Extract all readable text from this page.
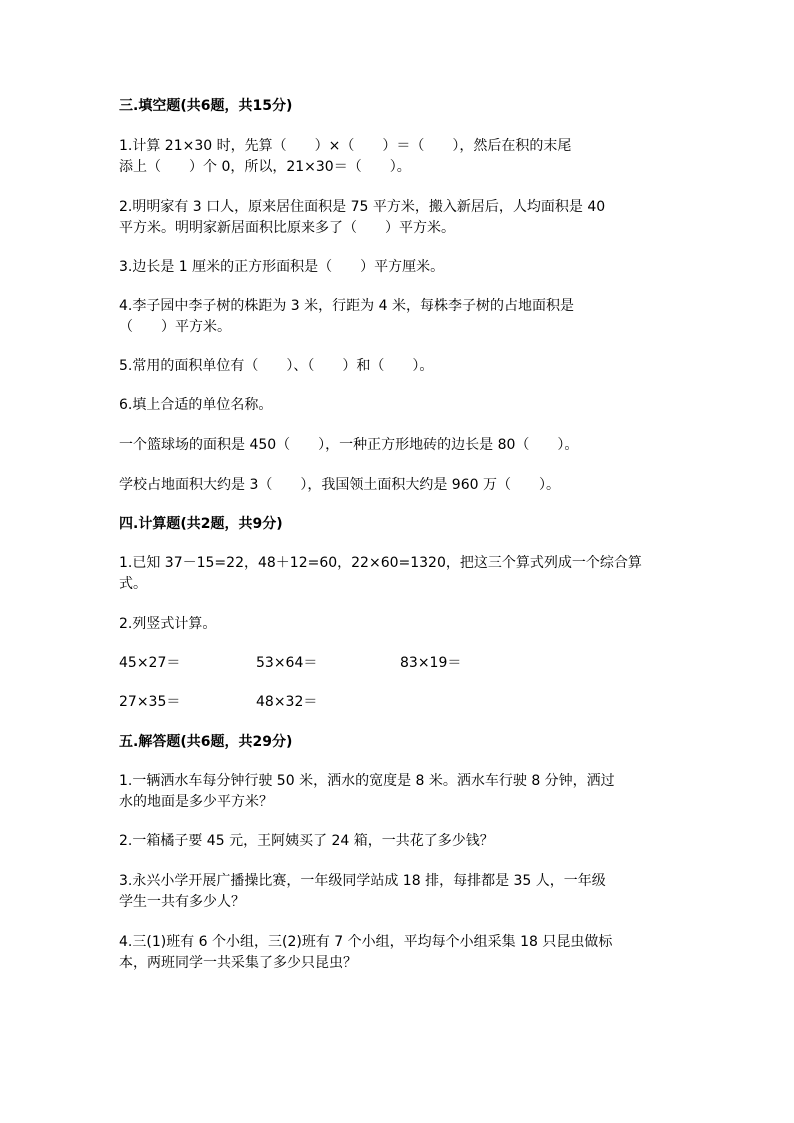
三.填空题(共6题，共15分)
1.计算 21×30 时，先算（　　）×（　　）＝（　　），然后在积的末尾
添上（　　）个 0，所以，21×30＝（　　）。
2.明明家有 3 口人，原来居住面积是 75 平方米，搬入新居后，人均面积是 40
平方米。明明家新居面积比原来多了（　　）平方米。
3.边长是 1 厘米的正方形面积是（　　）平方厘米。
4.李子园中李子树的株距为 3 米，行距为 4 米，每株李子树的占地面积是
（　　）平方米。
5.常用的面积单位有（　　）、（　　）和（　　）。
6.填上合适的单位名称。
一个篮球场的面积是 450（　　），一种正方形地砖的边长是 80（　　）。
学校占地面积大约是 3（　　），我国领土面积大约是 960 万（　　）。
四.计算题(共2题，共9分)
1.已知 37－15=22，48＋12=60，22×60=1320，把这三个算式列成一个综合算
式。
2.列竖式计算。
45×27＝	53×64＝	83×19＝
27×35＝	48×32＝
五.解答题(共6题，共29分)
1.一辆洒水车每分钟行驶 50 米，洒水的宽度是 8 米。洒水车行驶 8 分钟，洒过
水的地面是多少平方米？
2.一箱橘子要 45 元，王阿姨买了 24 箱，一共花了多少钱？
3.永兴小学开展广播操比赛，一年级同学站成 18 排，每排都是 35 人，一年级
学生一共有多少人？
4.三(1)班有 6 个小组，三(2)班有 7 个小组，平均每个小组采集 18 只昆虫做标
本，两班同学一共采集了多少只昆虫？
